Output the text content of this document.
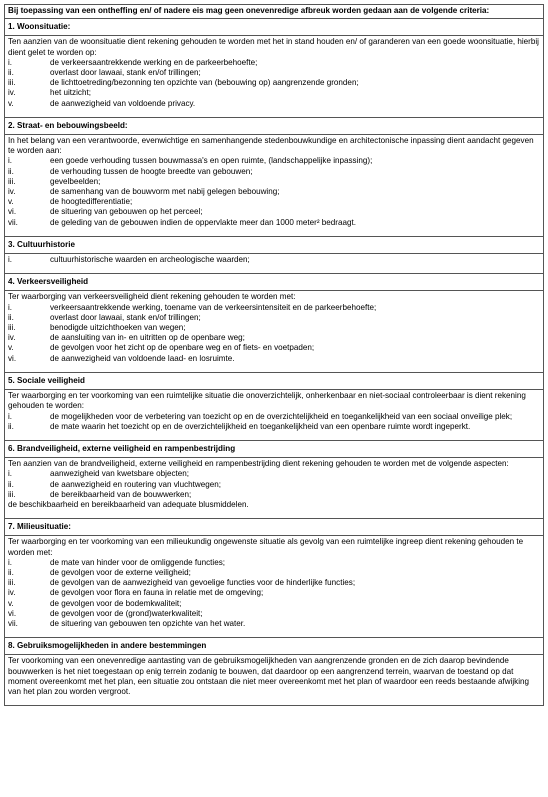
Bij toepassing van een ontheffing en/ of nadere eis mag geen onevenredige afbreuk worden gedaan aan de volgende criteria:
1. Woonsituatie:

Ten aanzien van de woonsituatie dient rekening gehouden te worden met het in stand houden en/ of garanderen van een goede woonsituatie, hierbij dient gelet te worden op:

i.	de verkeersaantrekkende werking en de parkeerbehoefte;
ii.	overlast door lawaai, stank en/of trillingen;
iii.	de lichttoetreding/bezonning ten opzichte van (bebouwing op) aangrenzende gronden;
iv.	het uitzicht;
v.	de aanwezigheid van voldoende privacy.

2. Straat- en bebouwingsbeeld:

In het belang van een verantwoorde, evenwichtige en samenhangende stedenbouwkundige en architectonische inpassing dient aandacht gegeven te worden aan:

i.	een goede verhouding tussen bouwmassa's en open ruimte, (landschappelijke inpassing);
ii.	de verhouding tussen de hoogte breedte van gebouwen;
iii.	gevelbeelden;
iv.	de samenhang van de bouwvorm met nabij gelegen bebouwing;
v.	de hoogtedifferentiatie;
vi.	de situering van gebouwen op het perceel;
vii.	de geleding van de gebouwen indien de oppervlakte meer dan 1000 meter² bedraagt.

3. Cultuurhistorie

i.	cultuurhistorische waarden en archeologische waarden;

4. Verkeersveiligheid

Ter waarborging van verkeersveiligheid dient rekening gehouden te worden met:

i.	verkeersaantrekkende werking, toename van de verkeersintensiteit en de parkeerbehoefte;
ii.	overlast door lawaai, stank en/of trillingen;
iii.	benodigde uitzichthoeken van wegen;
iv.	de aansluiting van in- en uitritten op de openbare weg;
v.	de gevolgen voor het zicht op de openbare weg en of fiets- en voetpaden;
vi.	de aanwezigheid van voldoende laad- en losruimte.

5. Sociale veiligheid

Ter waarborging en ter voorkoming van een ruimtelijke situatie die onoverzichtelijk, onherkenbaar en niet-sociaal controleerbaar is dient rekening gehouden te worden:

i.	de mogelijkheden voor de verbetering van toezicht op en de overzichtelijkheid en toegankelijkheid van een sociaal onveilige plek;
ii.	de mate waarin het toezicht op en de overzichtelijkheid en toegankelijkheid van een openbare ruimte wordt ingeperkt.

6. Brandveiligheid, externe veiligheid en rampenbestrijding

Ten aanzien van de brandveiligheid, externe veiligheid en rampenbestrijding dient rekening gehouden te worden met de volgende aspecten:

i.	aanwezigheid van kwetsbare objecten;
ii.	de aanwezigheid en routering van vluchtwegen;
iii.	de bereikbaarheid van de bouwwerken;

de beschikbaarheid en bereikbaarheid van adequate blusmiddelen.

7. Milieusituatie:

Ter waarborging en ter voorkoming van een milieukundig ongewenste situatie als gevolg van een ruimtelijke ingreep dient rekening gehouden te worden met:

i.	de mate van hinder voor de omliggende functies;
ii.	de gevolgen voor de externe veiligheid;
iii.	de gevolgen van de aanwezigheid van gevoelige functies voor de hinderlijke functies;
iv.	de gevolgen voor flora en fauna in relatie met de omgeving;
v.	de gevolgen voor de bodemkwaliteit;
vi.	de gevolgen voor de (grond)waterkwaliteit;
vii.	de situering van gebouwen ten opzichte van het water.

8. Gebruiksmogelijkheden in andere bestemmingen

Ter voorkoming van een onevenredige aantasting van de gebruiksmogelijkheden van aangrenzende gronden en de zich daarop bevindende bouwwerken is het niet toegestaan op enig terrein zodanig te bouwen, dat daardoor op een aangrenzend terrein, waarvan de toestand op dat moment overeenkomt met het plan, een situatie zou ontstaan die niet meer overeenkomt met het plan of waardoor een reeds bestaande afwijking van het plan zou worden vergroot.
